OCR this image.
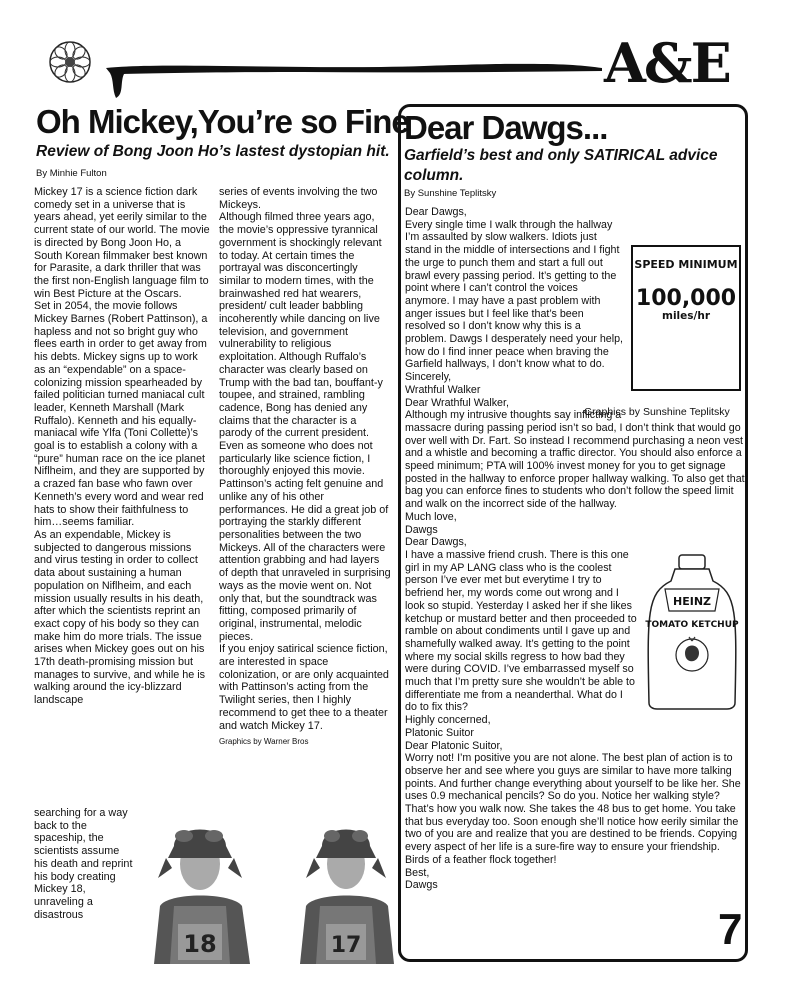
A&E
Oh Mickey,You’re so Fine
Review of Bong Joon Ho’s lastest dystopian hit.
By Minhie Fulton

Mickey 17 is a science fiction dark comedy set in a universe that is years ahead, yet eerily similar to the current state of our world. The movie is directed by Bong Joon Ho, a South Korean filmmaker best known for Parasite, a dark thriller that was the first non-English language film to win Best Picture at the Oscars.

Set in 2054, the movie follows Mickey Barnes (Robert Pattinson), a hapless and not so bright guy who flees earth in order to get away from his debts. Mickey signs up to work as an “expendable” on a space-colonizing mission spearheaded by failed politician turned maniacal cult leader, Kenneth Marshall (Mark Ruffalo). Kenneth and his equally-maniacal wife Ylfa (Toni Collette)’s goal is to establish a colony with a “pure” human race on the ice planet Niflheim, and they are supported by a crazed fan base who fawn over Kenneth’s every word and wear red hats to show their faithfulness to him…seems familiar.

As an expendable, Mickey is subjected to dangerous missions and virus testing in order to collect data about sustaining a human population on Niflheim, and each mission usually results in his death, after which the scientists reprint an exact copy of his body so they can make him do more trials. The issue arises when Mickey goes out on his 17th death-promising mission but manages to survive, and while he is walking around the icy-blizzard landscape

searching for a way back to the spaceship, the scientists assume his death and reprint his body creating Mickey 18, unraveling a disastrous

series of events involving the two Mickeys.

Although filmed three years ago, the movie’s oppressive tyrannical government is shockingly relevant to today. At certain times the portrayal was disconcertingly similar to modern times, with the brainwashed red hat wearers, president/ cult leader babbling incoherently while dancing on live television, and government vulnerability to religious exploitation. Although Ruffalo’s character was clearly based on Trump with the bad tan, bouffant-y toupee, and strained, rambling cadence, Bong has denied any claims that the character is a parody of the current president.

Even as someone who does not particularly like science fiction, I thoroughly enjoyed this movie. Pattinson’s acting felt genuine and unlike any of his other performances. He did a great job of portraying the starkly different personalities between the two Mickeys. All of the characters were attention grabbing and had layers of depth that unraveled in surprising ways as the movie went on. Not only that, but the soundtrack was fitting, composed primarily of original, instrumental, melodic pieces.

If you enjoy satirical science fiction, are interested in space colonization, or are only acquainted with Pattinson’s acting from the Twilight series, then I highly recommend to get thee to a theater and watch Mickey 17.

Graphics by Warner Bros

18	17
Dear Dawgs...
Garfield’s best and only SATIRICAL advice column.
By Sunshine Teplitsky

Dear Dawgs,

SPEED MINIMUM
100,000
miles/hr

Every single time I walk through the hallway I’m assaulted by slow walkers. Idiots just stand in the middle of intersections and I fight the urge to punch them and start a full out brawl every passing period. It’s getting to the point where I can’t control the voices anymore. I may have a past problem with anger issues but I feel like that’s been resolved so I don’t know why this is a problem. Dawgs I desperately need your help, how do I find inner peace when braving the Garfield hallways, I don’t know what to do.

Sincerely,

Wrathful Walker

Dear Wrathful Walker,

Although my intrusive thoughts say inflicting a massacre during passing period isn’t so bad, I don’t think that would go over well with Dr. Fart. So instead I recommend purchasing a neon vest and a whistle and becoming a traffic director. You should also enforce a speed minimum; PTA will 100% invest money for you to get signage posted in the hallway to enforce proper hallway walking. To also get that bag you can enforce fines to students who don’t follow the speed limit and walk on the incorrect side of the hallway.

Much love,

Dawgs

Dear Dawgs,

HEINZ
TOMATO KETCHUP

I have a massive friend crush. There is this one girl in my AP LANG class who is the coolest person I’ve ever met but everytime I try to befriend her, my words come out wrong and I look so stupid. Yesterday I asked her if she likes ketchup or mustard better and then proceeded to ramble on about condiments until I gave up and shamefully walked away. It’s getting to the point where my social skills regress to how bad they were during COVID. I’ve embarrassed myself so much that I’m pretty sure she wouldn’t be able to differentiate me from a neanderthal. What do I do to fix this?

Highly concerned,

Platonic Suitor

Dear Platonic Suitor,

Worry not! I’m positive you are not alone. The best plan of action is to observe her and see where you guys are similar to have more talking points. And further change everything about yourself to be like her. She uses 0.9 mechanical pencils? So do you. Notice her walking style? That’s how you walk now. She takes the 48 bus to get home. You take that bus everyday too. Soon enough she’ll notice how eerily similar the two of you are and realize that you are destined to be friends. Copying every aspect of her life is a sure-fire way to ensure your friendship. Birds of a feather flock together!

Best,

Dawgs

Graphics by Sunshine Teplitsky
7
